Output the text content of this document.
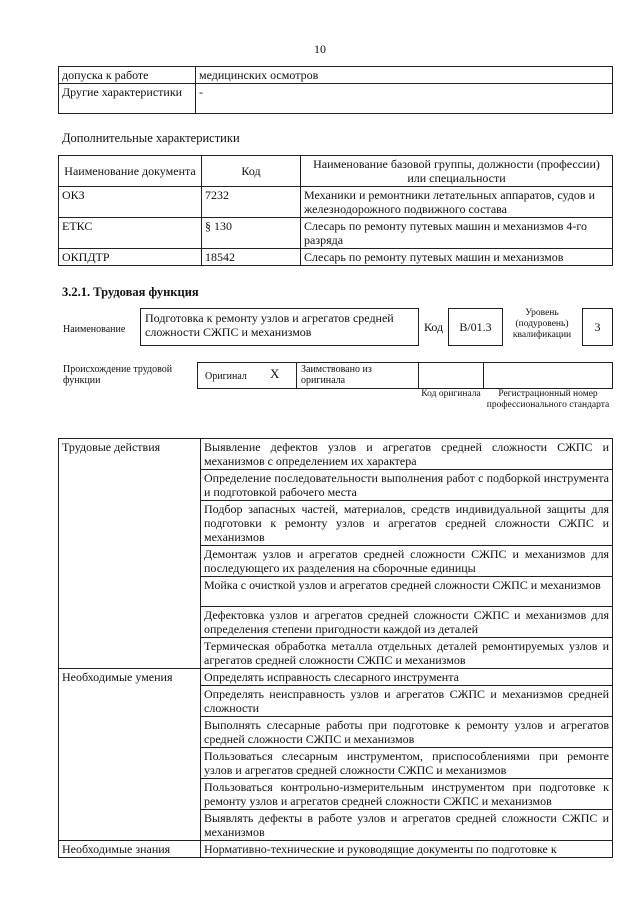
10
допуска к работе	медицинских осмотров
Другие характеристики	-
Дополнительные характеристики
Наименование документа	Код	Наименование базовой группы, должности (профессии) или специальности
ОКЗ	7232	Механики и ремонтники летательных аппаратов, судов и железнодорожного подвижного состава
ЕТКС	§ 130	Слесарь по ремонту путевых машин и механизмов 4-го разряда
ОКПДТР	18542	Слесарь по ремонту путевых машин и механизмов
3.2.1. Трудовая функция
Наименование
Подготовка к ремонту узлов и агрегатов средней сложности СЖПС и механизмов	Код	B/01.3
Уровень (подуровень) квалификации
3
Происхождение трудовой функции	Оригинал X	Заимствовано из оригинала
Код оригинала	Регистрационный номер профессионального стандарта
Трудовые действия	Выявление дефектов узлов и агрегатов средней сложности СЖПС и механизмов с определением их характера
	Определение последовательности выполнения работ с подборкой инструмента и подготовкой рабочего места
	Подбор запасных частей, материалов, средств индивидуальной защиты для подготовки к ремонту узлов и агрегатов средней сложности СЖПС и механизмов
	Демонтаж узлов и агрегатов средней сложности СЖПС и механизмов для последующего их разделения на сборочные единицы
	Мойка с очисткой узлов и агрегатов средней сложности СЖПС и механизмов
	Дефектовка узлов и агрегатов средней сложности СЖПС и механизмов для определения степени пригодности каждой из деталей
	Термическая обработка металла отдельных деталей ремонтируемых узлов и агрегатов средней сложности СЖПС и механизмов
Необходимые умения	Определять исправность слесарного инструмента
	Определять неисправность узлов и агрегатов СЖПС и механизмов средней сложности
	Выполнять слесарные работы при подготовке к ремонту узлов и агрегатов средней сложности СЖПС и механизмов
	Пользоваться слесарным инструментом, приспособлениями при ремонте узлов и агрегатов средней сложности СЖПС и механизмов
	Пользоваться контрольно-измерительным инструментом при подготовке к ремонту узлов и агрегатов средней сложности СЖПС и механизмов
	Выявлять дефекты в работе узлов и агрегатов средней сложности СЖПС и механизмов
Необходимые знания	Нормативно-технические и руководящие документы по подготовке к
